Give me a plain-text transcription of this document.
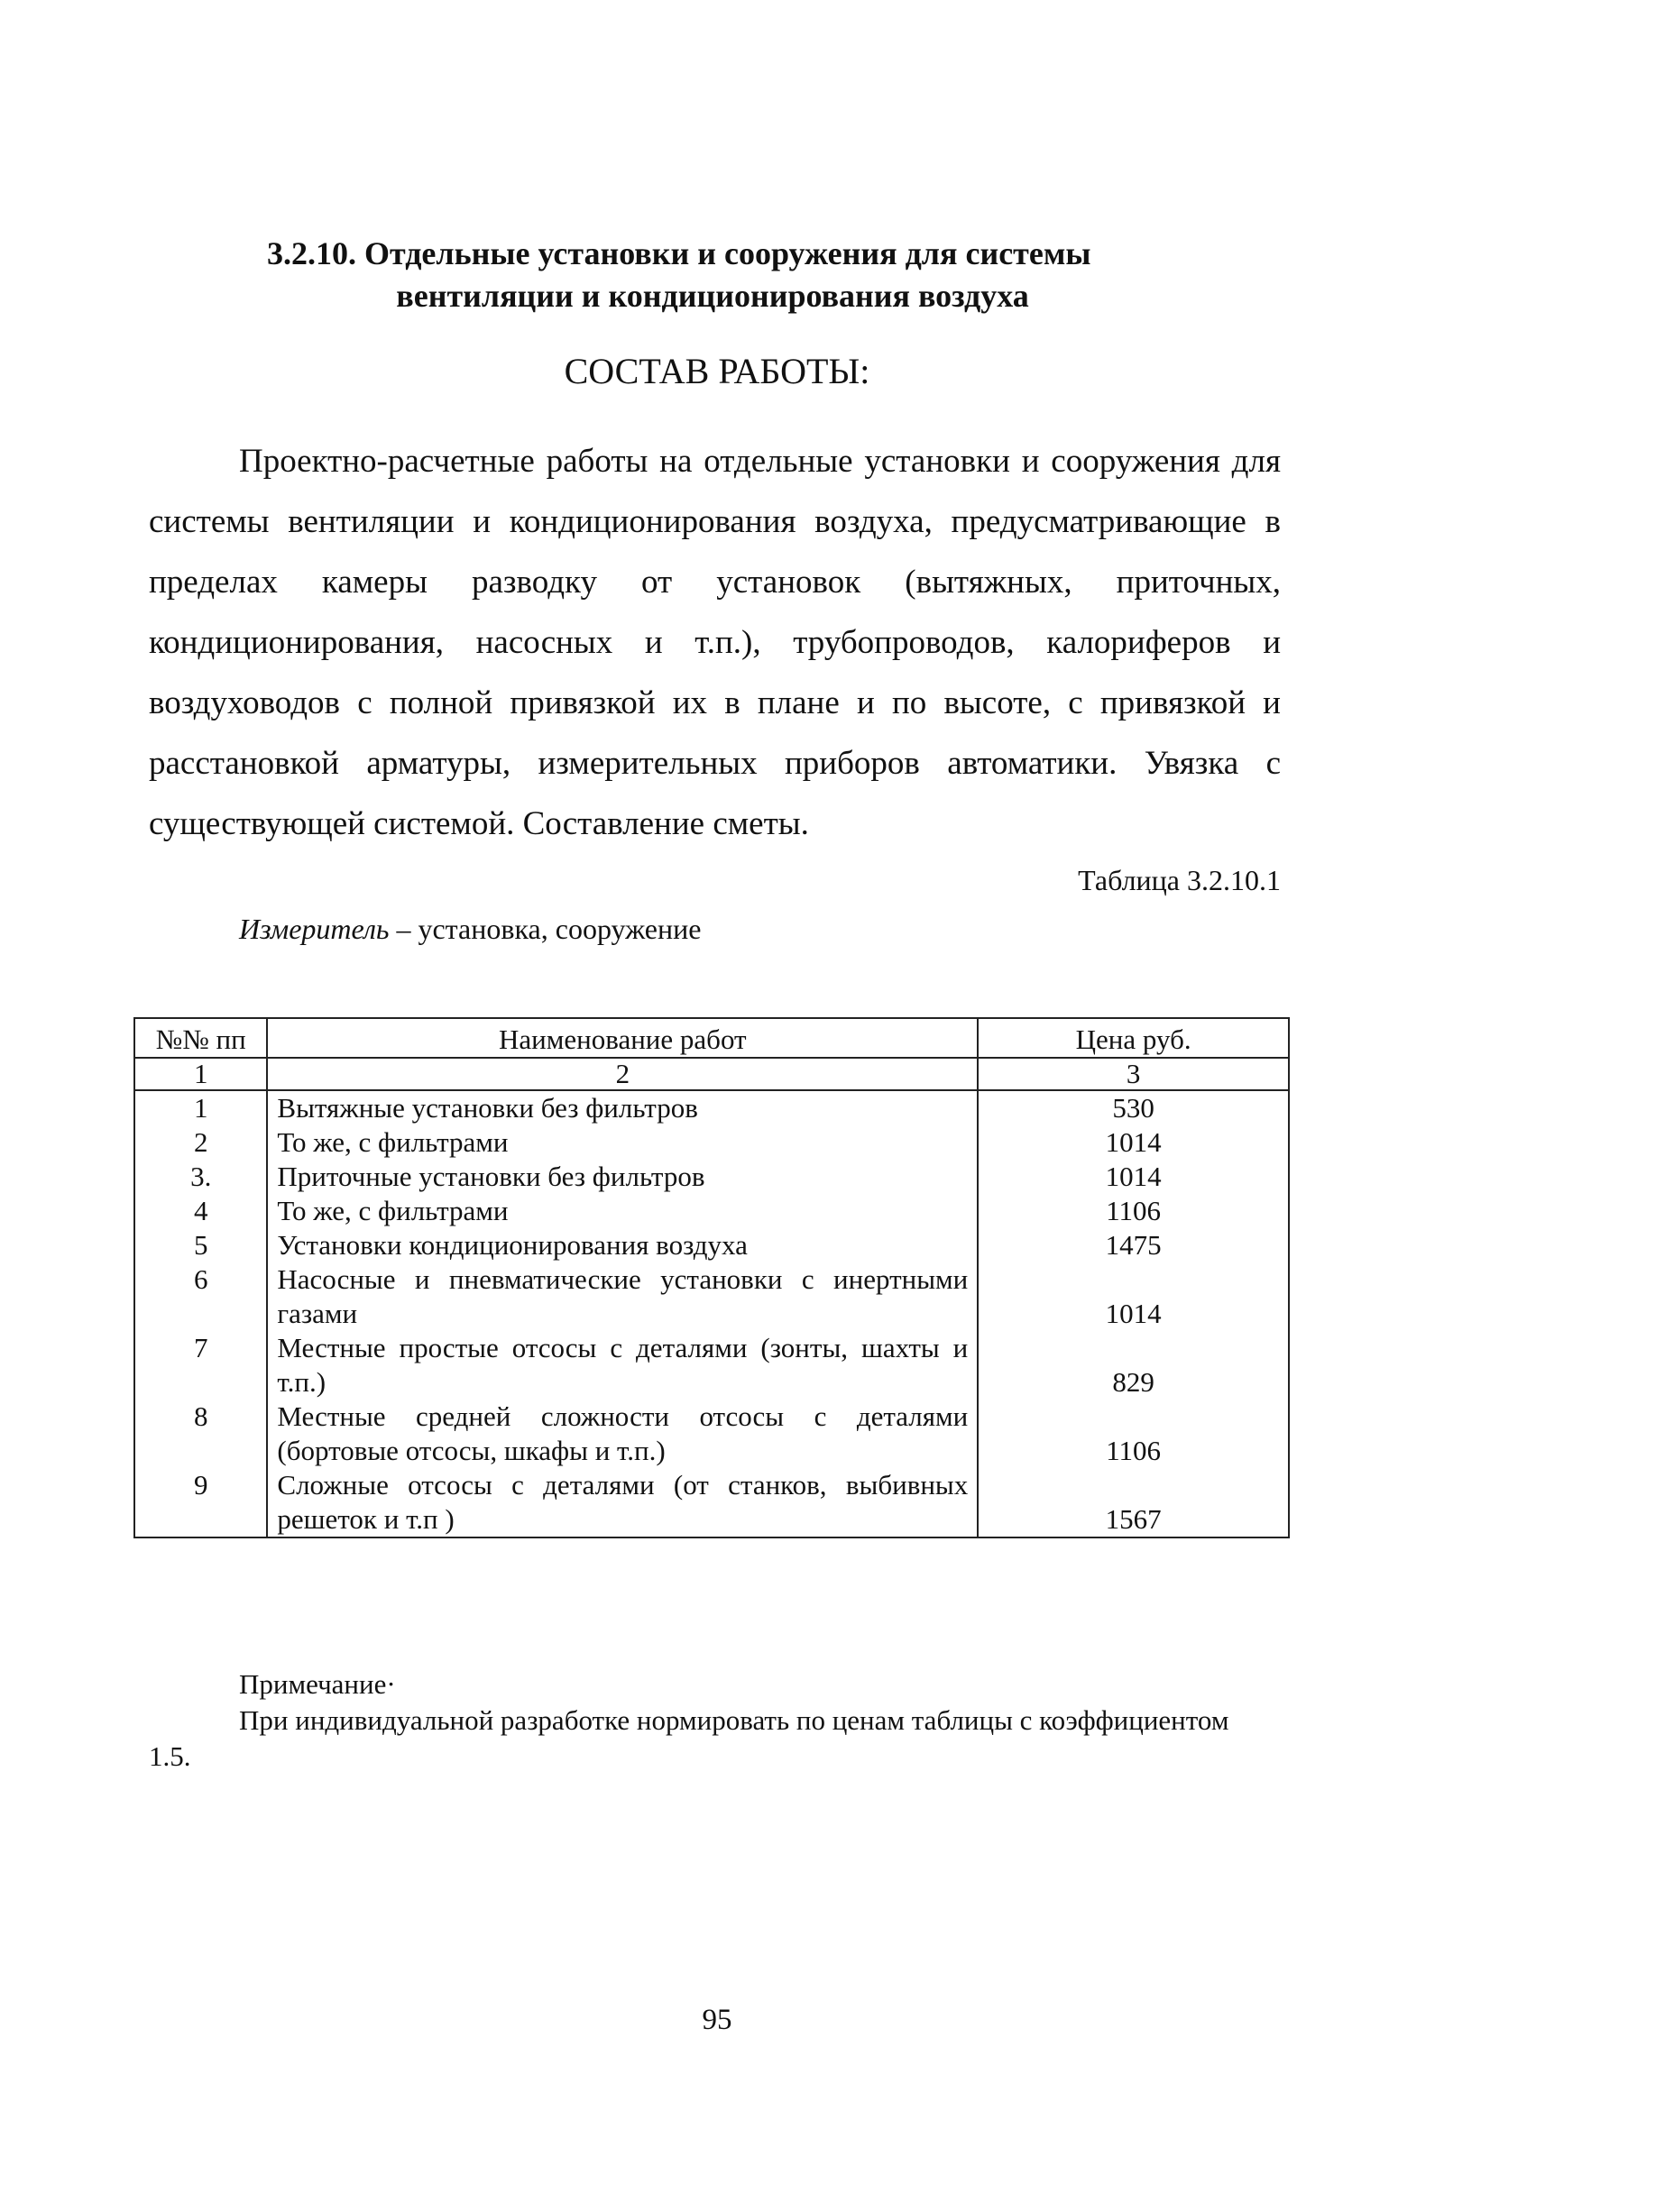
3.2.10. Отдельные установки и сооружения для системы
вентиляции и кондиционирования воздуха
СОСТАВ РАБОТЫ:

Проектно-расчетные работы на отдельные установки и сооружения для системы вентиляции и кондиционирования воздуха, предусматривающие в пределах камеры разводку от установок (вытяжных, приточных, кондиционирования, насосных и т.п.), трубопроводов, калориферов и воздуховодов с полной привязкой их в плане и по высоте, с привязкой и расстановкой арматуры, измерительных приборов автоматики. Увязка с существующей системой. Составление сметы.

Таблица 3.2.10.1
Измеритель – установка, сооружение
№№ пп	Наименование работ	Цена руб.
1	2	3
1	Вытяжные установки без фильтров	530
2	То же, с фильтрами	1014
3.	Приточные установки без фильтров	1014
4	То же, с фильтрами	1106
5	Установки кондиционирования воздуха	1475
6	Насосные и пневматические установки с инертными газами	1014
7	Местные простые отсосы с деталями (зонты, шахты и т.п.)	829
8	Местные средней сложности отсосы с деталями (бортовые отсосы, шкафы и т.п.)	1106
9	Сложные отсосы с деталями (от станков, выбивных решеток и т.п )	1567
Примечание·

При индивидуальной разработке нормировать по ценам таблицы с коэффициентом 1.5.

95
